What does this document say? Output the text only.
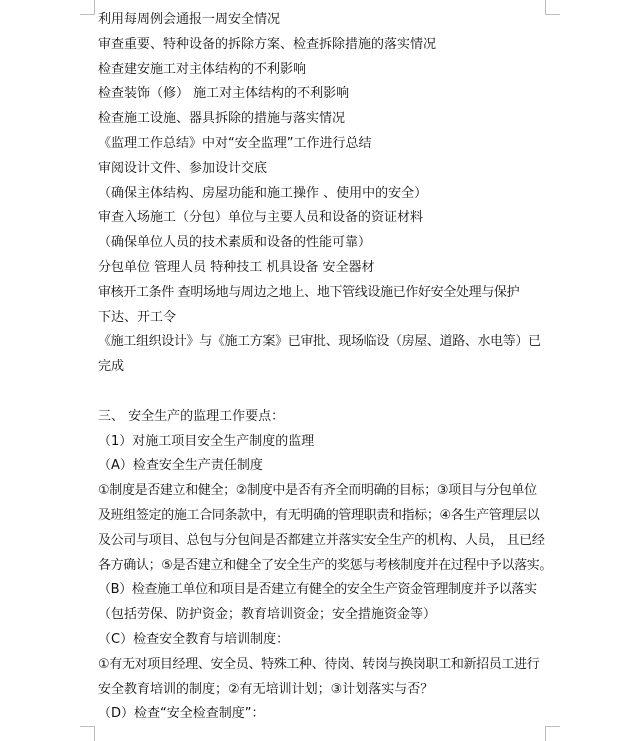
利用每周例会通报一周安全情况
审查重要、特种设备的拆除方案、检查拆除措施的落实情况
检查建安施工对主体结构的不利影响
检查装饰（修） 施工对主体结构的不利影响
检查施工设施、器具拆除的措施与落实情况
《监理工作总结》中对“安全监理”工作进行总结
审阅设计文件、参加设计交底
（确保主体结构、房屋功能和施工操作 、使用中的安全）
审查入场施工（分包）单位与主要人员和设备的资证材料
（确保单位人员的技术素质和设备的性能可靠）
分包单位 管理人员 特种技工 机具设备 安全器材
审核开工条件 查明场地与周边之地上、地下管线设施已作好安全处理与保护
下达、开工令
《施工组织设计》与《施工方案》已审批、现场临设（房屋、道路、水电等）已
完成
三、 安全生产的监理工作要点：
（1）对施工项目安全生产制度的监理
（A）检查安全生产责任制度
①制度是否建立和健全；②制度中是否有齐全而明确的目标；③项目与分包单位
及班组签定的施工合同条款中，有无明确的管理职责和指标；④各生产管理层以
及公司与项目、总包与分包间是否都建立并落实安全生产的机构、人员， 且已经
各方确认；⑤是否建立和健全了安全生产的奖惩与考核制度并在过程中予以落实。
（B）检查施工单位和项目是否建立有健全的安全生产资金管理制度并予以落实
（包括劳保、防护资金；教育培训资金；安全措施资金等）
（C）检查安全教育与培训制度：
①有无对项目经理、安全员、特殊工种、待岗、转岗与换岗职工和新招员工进行
安全教育培训的制度；②有无培训计划；③计划落实与否？
（D）检查“安全检查制度”：
